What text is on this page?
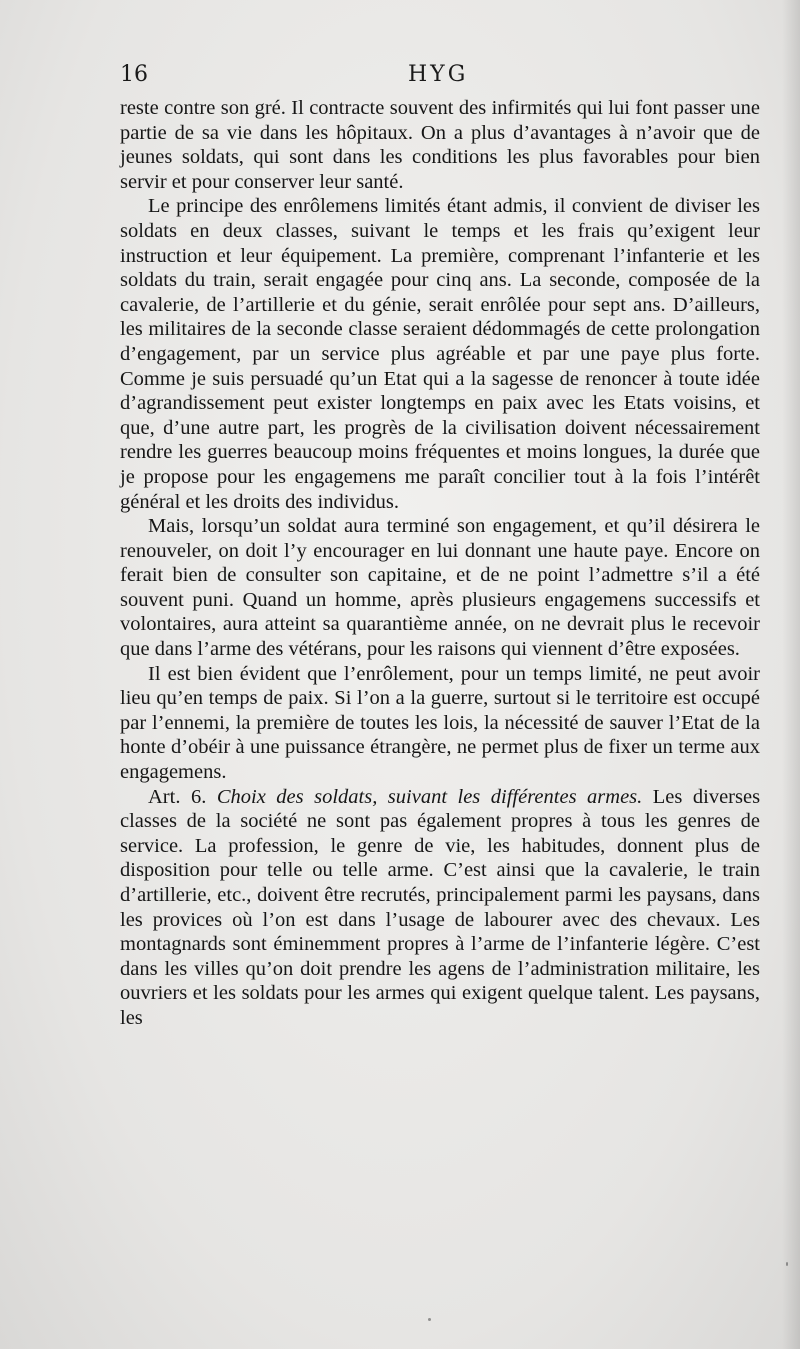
16	HYG

reste contre son gré. Il contracte souvent des infirmités qui lui font passer une partie de sa vie dans les hôpitaux. On a plus d’avantages à n’avoir que de jeunes soldats, qui sont dans les conditions les plus favorables pour bien servir et pour conserver leur santé.

Le principe des enrôlemens limités étant admis, il convient de diviser les soldats en deux classes, suivant le temps et les frais qu’exigent leur instruction et leur équipement. La première, comprenant l’infanterie et les soldats du train, serait engagée pour cinq ans. La seconde, composée de la cavalerie, de l’artillerie et du génie, serait enrôlée pour sept ans. D’ailleurs, les militaires de la seconde classe seraient dédommagés de cette prolongation d’engagement, par un service plus agréable et par une paye plus forte. Comme je suis persuadé qu’un Etat qui a la sagesse de renoncer à toute idée d’agrandissement peut exister longtemps en paix avec les Etats voisins, et que, d’une autre part, les progrès de la civilisation doivent nécessairement rendre les guerres beaucoup moins fréquentes et moins longues, la durée que je propose pour les engagemens me paraît concilier tout à la fois l’intérêt général et les droits des individus.

Mais, lorsqu’un soldat aura terminé son engagement, et qu’il désirera le renouveler, on doit l’y encourager en lui donnant une haute paye. Encore on ferait bien de consulter son capitaine, et de ne point l’admettre s’il a été souvent puni. Quand un homme, après plusieurs engagemens successifs et volontaires, aura atteint sa quarantième année, on ne devrait plus le recevoir que dans l’arme des vétérans, pour les raisons qui viennent d’être exposées.

Il est bien évident que l’enrôlement, pour un temps limité, ne peut avoir lieu qu’en temps de paix. Si l’on a la guerre, surtout si le territoire est occupé par l’ennemi, la première de toutes les lois, la nécessité de sauver l’Etat de la honte d’obéir à une puissance étrangère, ne permet plus de fixer un terme aux engagemens.

Art. 6. Choix des soldats, suivant les différentes armes. Les diverses classes de la société ne sont pas également propres à tous les genres de service. La profession, le genre de vie, les habitudes, donnent plus de disposition pour telle ou telle arme. C’est ainsi que la cavalerie, le train d’artillerie, etc., doivent être recrutés, principalement parmi les paysans, dans les provices où l’on est dans l’usage de labourer avec des chevaux. Les montagnards sont éminemment propres à l’arme de l’infanterie légère. C’est dans les villes qu’on doit prendre les agens de l’administration militaire, les ouvriers et les soldats pour les armes qui exigent quelque talent. Les paysans, les
